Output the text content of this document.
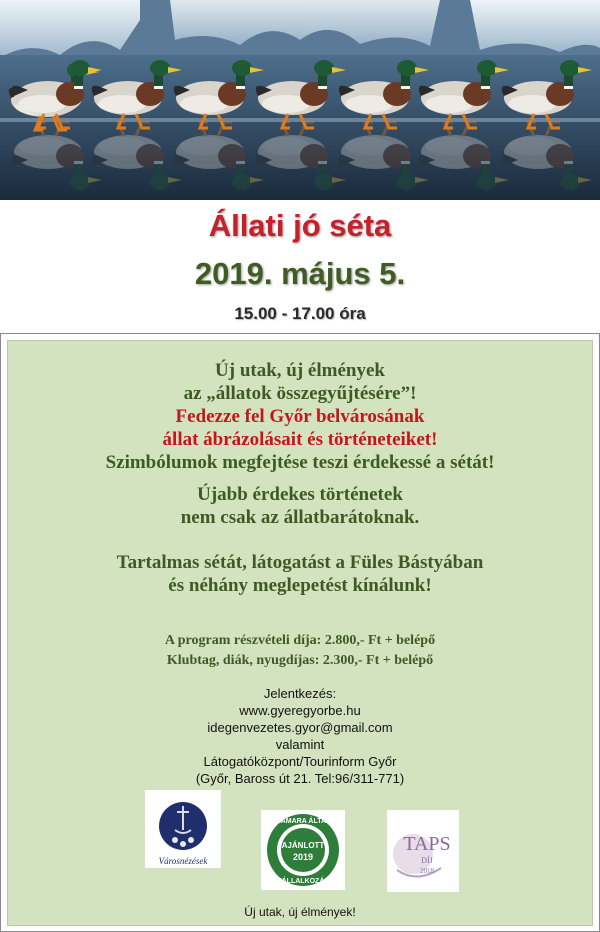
Állati jó séta
2019. május 5.
15.00 - 17.00 óra
Új utak, új élmények
az „állatok összegyűjtésére”!
Fedezze fel Győr belvárosának
állat ábrázolásait és történeteiket!
Szimbólumok megfejtése teszi érdekessé a sétát!
Újabb érdekes történetek
nem csak az állatbarátoknak.
Tartalmas sétát, látogatást a Füles Bástyában
és néhány meglepetést kínálunk!
A program részvételi díja: 2.800,- Ft + belépő
Klubtag, diák, nyugdíjas: 2.300,- Ft + belépő
Jelentkezés:
www.gyeregyorbe.hu
idegenvezetes.gyor@gmail.com
valamint
Látogatóközpont/Tourinform Győr
(Győr, Baross út 21. Tel:96/311-771)
Városnézések
KAMARA ÁLTAL
AJÁNLOTT
2019
VÁLLALKOZÁS
TAPS
DÍJ
2018
Új utak, új élmények!
